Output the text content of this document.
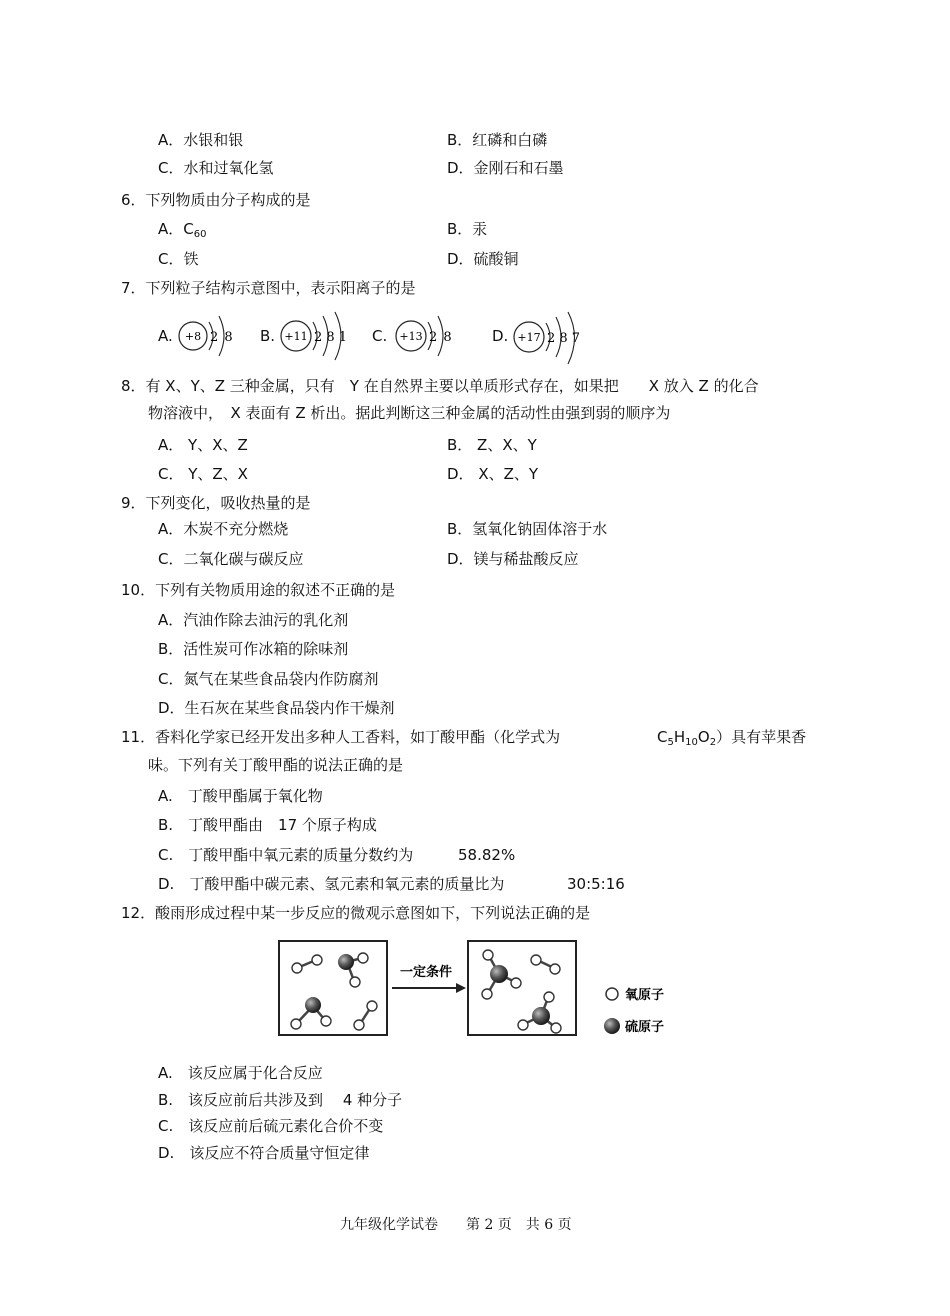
A．水银和银	B．红磷和白磷
C．水和过氧化氢	D．金刚石和石墨
6．下列物质由分子构成的是
A．$C_{60}$	B．汞
C．铁	D．硫酸铜
7．下列粒子结构示意图中，表示阳离子的是
A. +8 2 8 B. +11 2 8 1 C. +13 2 8	D. +17 2 8 7
8．有 X、Y、Z 三种金属，只有　Y 在自然界主要以单质形式存在，如果把　　X 放入 Z 的化合
物溶液中，　X 表面有 Z 析出。据此判断这三种金属的活动性由强到弱的顺序为
A． Y、X、Z	B． Z、X、Y
C． Y、Z、X	D． X、Z、Y
9．下列变化，吸收热量的是
A．木炭不充分燃烧	B．氢氧化钠固体溶于水
C．二氧化碳与碳反应	D．镁与稀盐酸反应
10．下列有关物质用途的叙述不正确的是
A．汽油作除去油污的乳化剂
B．活性炭可作冰箱的除味剂
C．氮气在某些食品袋内作防腐剂
D．生石灰在某些食品袋内作干燥剂
11．香料化学家已经开发出多种人工香料，如丁酸甲酯（化学式为	$C_5H_{10}O_2$）具有苹果香
味。下列有关丁酸甲酯的说法正确的是
A.　丁酸甲酯属于氧化物
B.　丁酸甲酯由　17 个原子构成
C.　丁酸甲酯中氧元素的质量分数约为	58.82%
D.　丁酸甲酯中碳元素、氢元素和氧元素的质量比为	30:5:16
12．酸雨形成过程中某一步反应的微观示意图如下，下列说法正确的是
一定条件
氧原子
硫原子
A.　该反应属于化合反应
B.　该反应前后共涉及到　 4 种分子
C.　该反应前后硫元素化合价不变
D.　该反应不符合质量守恒定律
九年级化学试卷　　第 2 页　共 6 页
